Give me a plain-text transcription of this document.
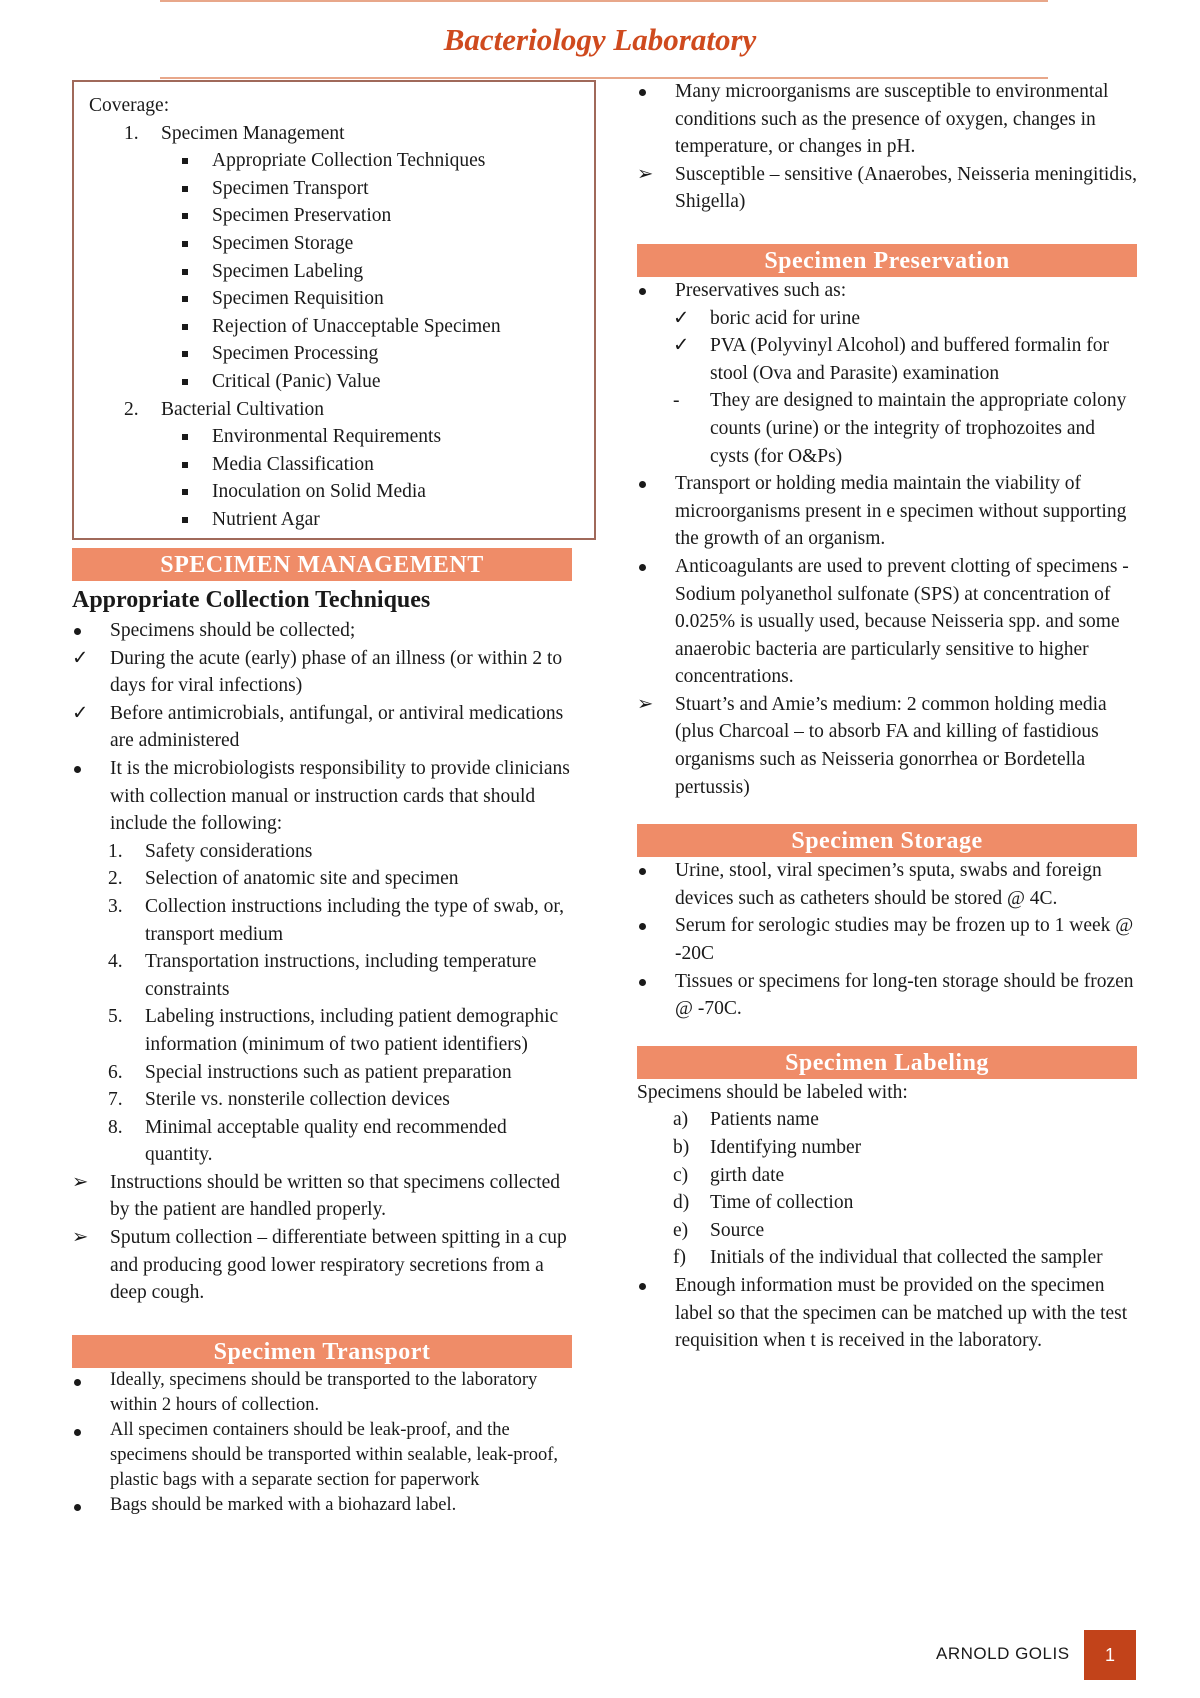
Bacteriology Laboratory
Coverage:
1. Specimen Management
Appropriate Collection Techniques
Specimen Transport
Specimen Preservation
Specimen Storage
Specimen Labeling
Specimen Requisition
Rejection of Unacceptable Specimen
Specimen Processing
Critical (Panic) Value
2. Bacterial Cultivation
Environmental Requirements
Media Classification
Inoculation on Solid Media
Nutrient Agar
SPECIMEN MANAGEMENT
Appropriate Collection Techniques
Specimens should be collected;
✓	During the acute (early) phase of an illness (or within 2 to days for viral infections)
✓	Before antimicrobials, antifungal, or antiviral medications are administered
It is the microbiologists responsibility to provide clinicians with collection manual or instruction cards that should include the following:
1.	Safety considerations
2.	Selection of anatomic site and specimen
3.	Collection instructions including the type of swab, or, transport medium
4.	Transportation instructions, including temperature constraints
5.	Labeling instructions, including patient demographic information (minimum of two patient identifiers)
6.	Special instructions such as patient preparation
7.	Sterile vs. nonsterile collection devices
8.	Minimal acceptable quality end recommended quantity.
➢	Instructions should be written so that specimens collected by the patient are handled properly.
➢	Sputum collection – differentiate between spitting in a cup and producing good lower respiratory secretions from a deep cough.
Specimen Transport
Ideally, specimens should be transported to the laboratory within 2 hours of collection.
All specimen containers should be leak-proof, and the specimens should be transported within sealable, leak-proof, plastic bags with a separate section for paperwork
Bags should be marked with a biohazard label.
Many microorganisms are susceptible to environmental conditions such as the presence of oxygen, changes in temperature, or changes in pH.
➢	Susceptible – sensitive (Anaerobes, Neisseria meningitidis, Shigella)
Specimen Preservation
Preservatives such as:
✓	boric acid for urine
✓	PVA (Polyvinyl Alcohol) and buffered formalin for stool (Ova and Parasite) examination
-	They are designed to maintain the appropriate colony counts (urine) or the integrity of trophozoites and cysts (for O&Ps)
Transport or holding media maintain the viability of microorganisms present in e specimen without supporting the growth of an organism.
Anticoagulants are used to prevent clotting of specimens - Sodium polyanethol sulfonate (SPS) at concentration of 0.025% is usually used, because Neisseria spp. and some anaerobic bacteria are particularly sensitive to higher concentrations.
➢	Stuart’s and Amie’s medium: 2 common holding media (plus Charcoal – to absorb FA and killing of fastidious organisms such as Neisseria gonorrhea or Bordetella pertussis)
Specimen Storage
Urine, stool, viral specimen’s sputa, swabs and foreign devices such as catheters should be stored @ 4C.
Serum for serologic studies may be frozen up to 1 week @ -20C
Tissues or specimens for long-ten storage should be frozen @ -70C.
Specimen Labeling
Specimens should be labeled with:
a)	Patients name
b)	Identifying number
c)	girth date
d)	Time of collection
e)	Source
f)	Initials of the individual that collected the sampler
Enough information must be provided on the specimen label so that the specimen can be matched up with the test requisition when t is received in the laboratory.
ARNOLD GOLIS	1
